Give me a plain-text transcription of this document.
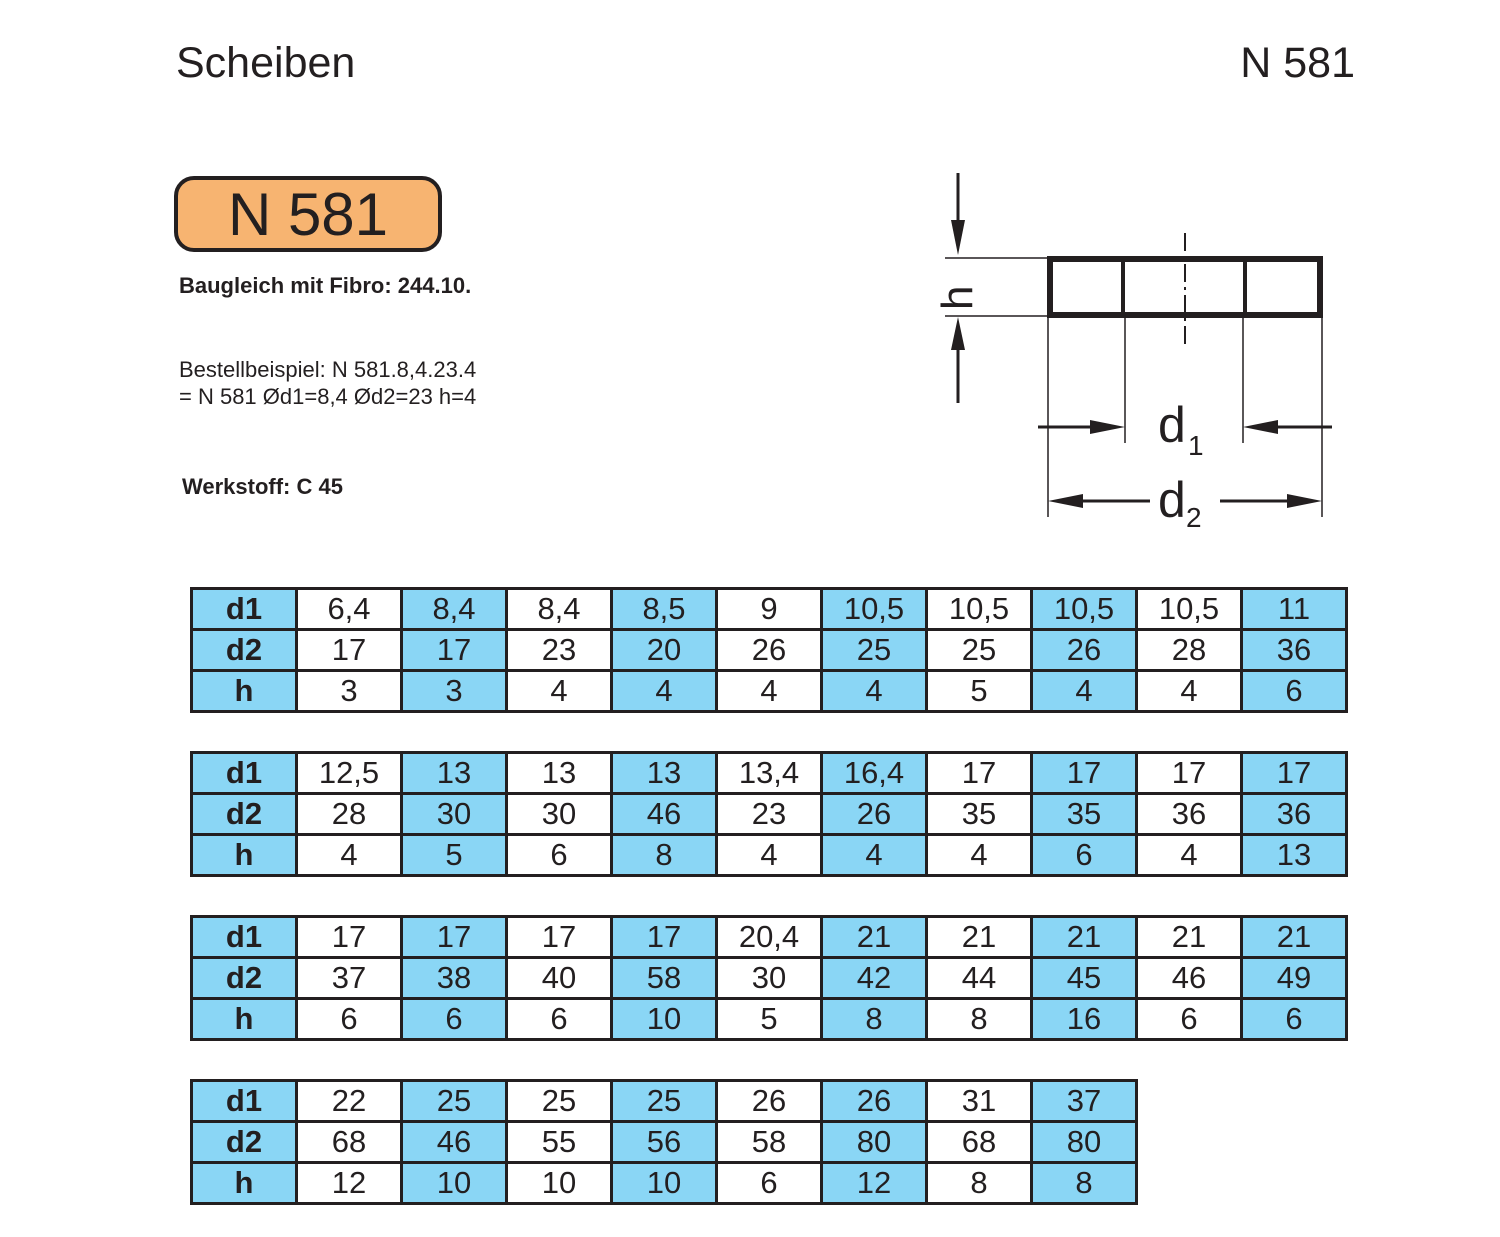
Scheiben	N 581
N 581
Baugleich mit Fibro: 244.10.
Bestellbeispiel: N 581.8,4.23.4
= N 581 Ød1=8,4 Ød2=23 h=4
Werkstoff: C 45
h
d 1
d 2
d1	6,4	8,4	8,4	8,5	9	10,5	10,5	10,5	10,5	11
d2	17	17	23	20	26	25	25	26	28	36
h	3	3	4	4	4	4	5	4	4	6
d1	12,5	13	13	13	13,4	16,4	17	17	17	17
d2	28	30	30	46	23	26	35	35	36	36
h	4	5	6	8	4	4	4	6	4	13
d1	17	17	17	17	20,4	21	21	21	21	21
d2	37	38	40	58	30	42	44	45	46	49
h	6	6	6	10	5	8	8	16	6	6
d1	22	25	25	25	26	26	31	37
d2	68	46	55	56	58	80	68	80
h	12	10	10	10	6	12	8	8
